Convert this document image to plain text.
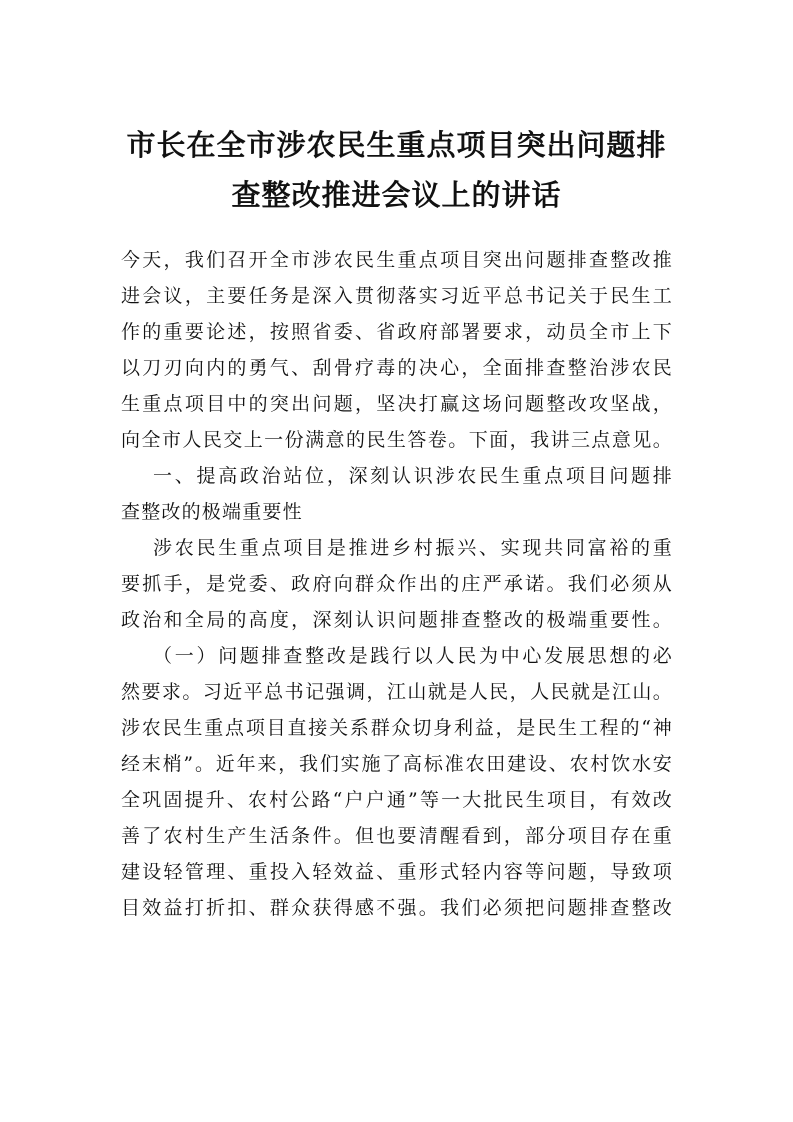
市长在全市涉农民生重点项目突出问题排
查整改推进会议上的讲话
今天，我们召开全市涉农民生重点项目突出问题排查整改推
进会议，主要任务是深入贯彻落实习近平总书记关于民生工
作的重要论述，按照省委、省政府部署要求，动员全市上下
以刀刃向内的勇气、刮骨疗毒的决心，全面排查整治涉农民
生重点项目中的突出问题，坚决打赢这场问题整改攻坚战，
向全市人民交上一份满意的民生答卷。下面，我讲三点意见。
一、提高政治站位，深刻认识涉农民生重点项目问题排
查整改的极端重要性
涉农民生重点项目是推进乡村振兴、实现共同富裕的重
要抓手，是党委、政府向群众作出的庄严承诺。我们必须从
政治和全局的高度，深刻认识问题排查整改的极端重要性。
（一）问题排查整改是践行以人民为中心发展思想的必
然要求。习近平总书记强调，江山就是人民，人民就是江山。
涉农民生重点项目直接关系群众切身利益，是民生工程的“神
经末梢”。近年来，我们实施了高标准农田建设、农村饮水安
全巩固提升、农村公路“户户通”等一大批民生项目，有效改
善了农村生产生活条件。但也要清醒看到，部分项目存在重
建设轻管理、重投入轻效益、重形式轻内容等问题，导致项
目效益打折扣、群众获得感不强。我们必须把问题排查整改
